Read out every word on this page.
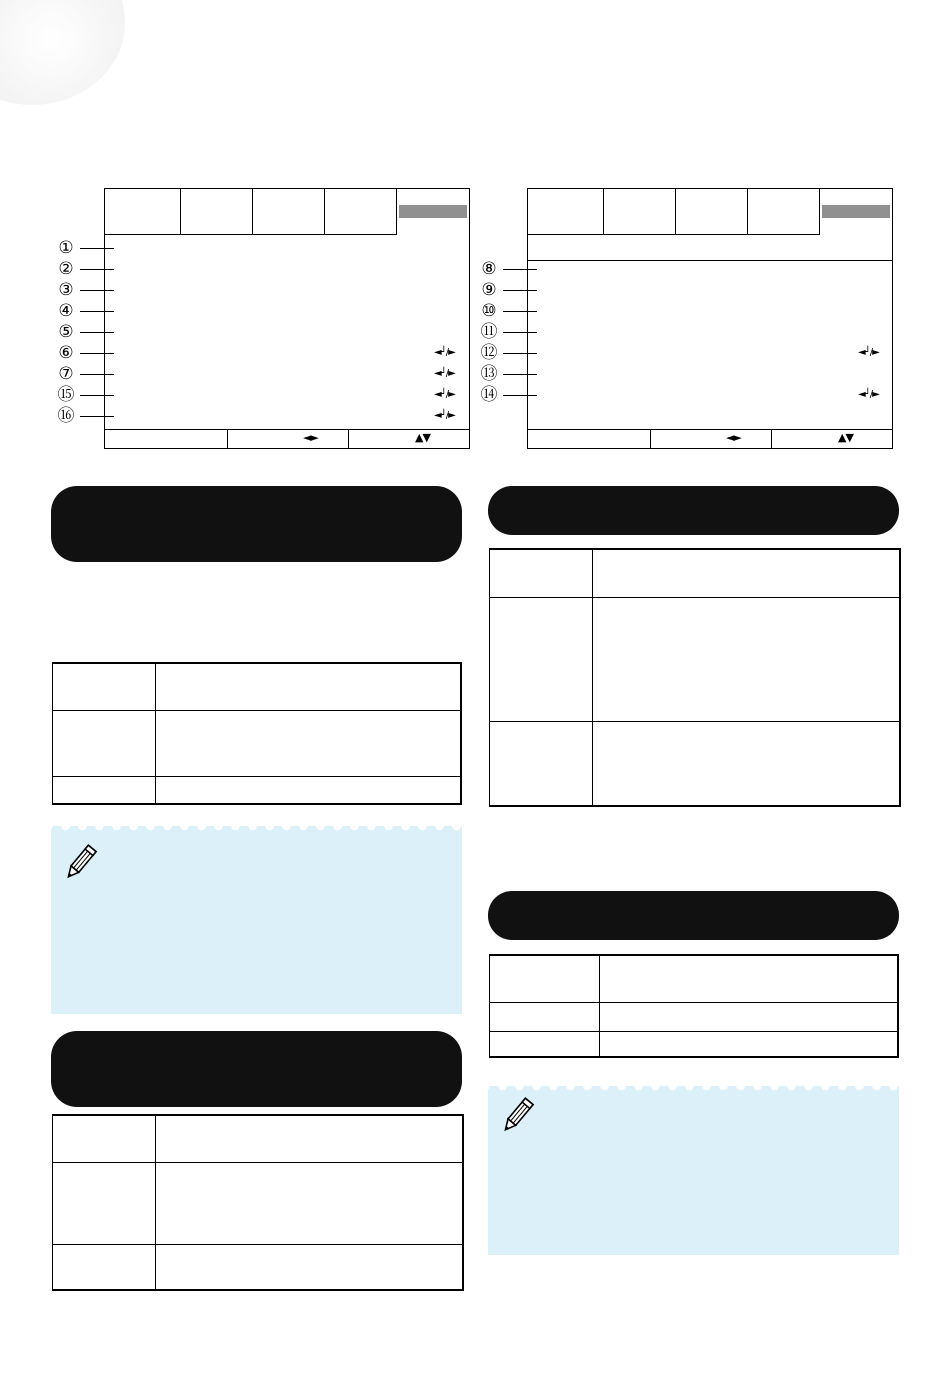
◄►	▲▼
①
②
③
④
⑤
⑥
⑦
⑮
⑯
◄┘/►
◄┘/►
◄┘/►
◄┘/►
◄►	▲▼
⑧
⑨
⑩
⑪
⑫
⑬
⑭
◄┘/►
◄┘/►
